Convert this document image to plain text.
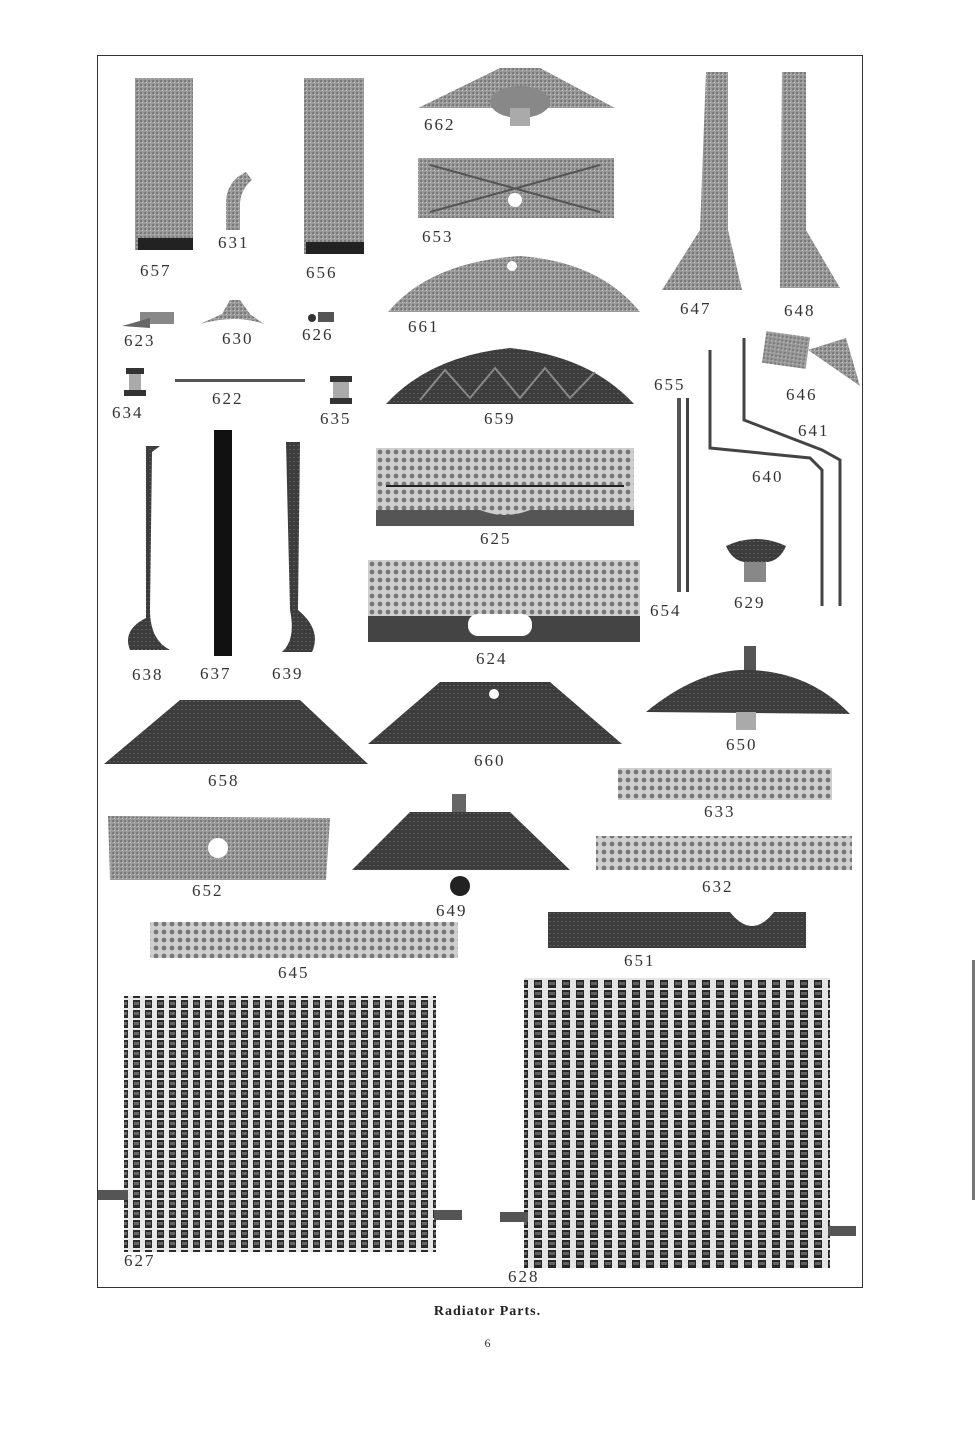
657
631
656
662
653
661
647	648
623	630	626
634
622
635	659
655
646
641
640
625
629
654
624
638 637 639
650
658
660
633
652
649
632
645
651
627
628
Radiator Parts.
6
